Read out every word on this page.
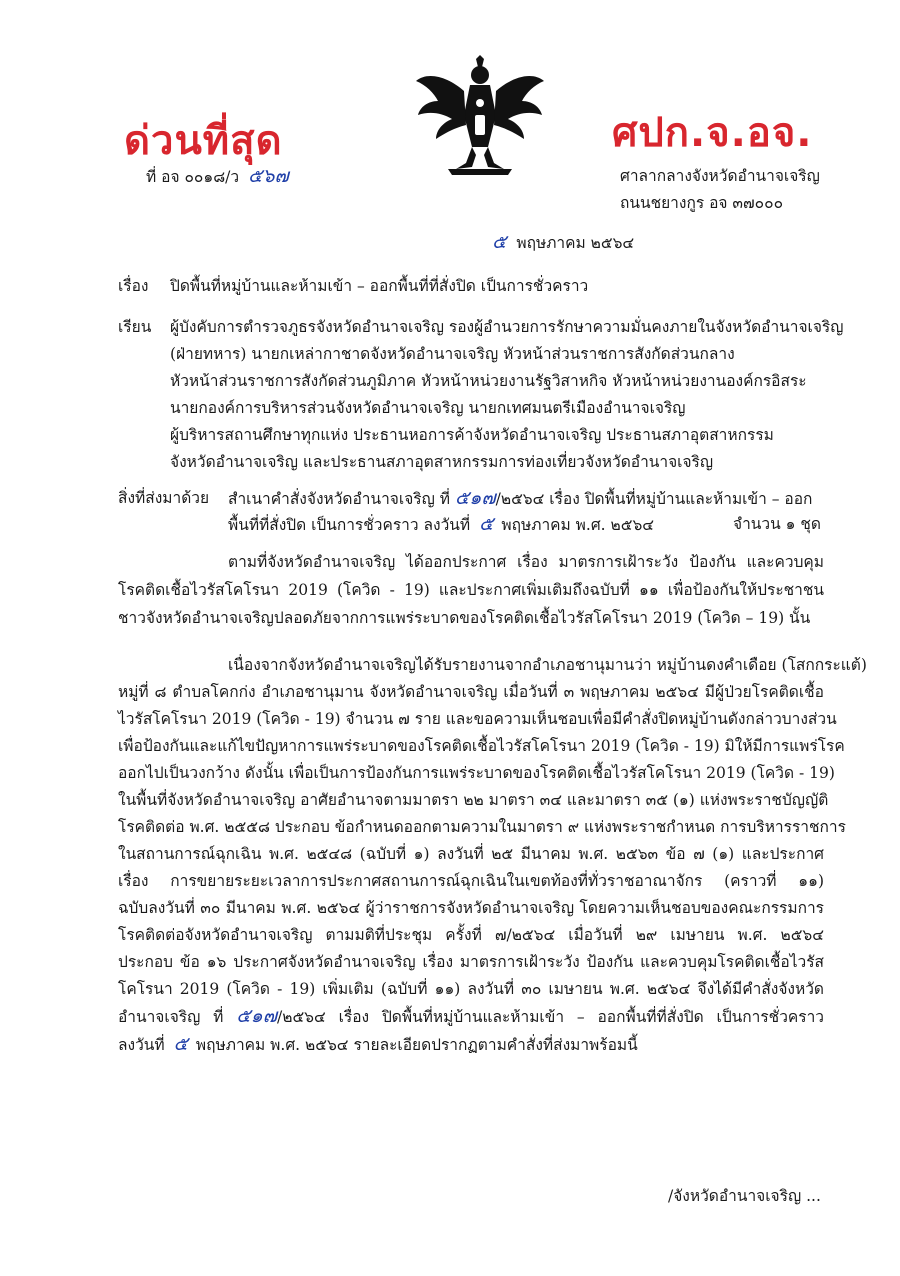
ด่วนที่สุด	ศปก.จ.อจ.
ที่ อจ ๐๐๑๘/ว ๕๖๗	ศาลากลางจังหวัดอำนาจเจริญ
ถนนชยางกูร อจ ๓๗๐๐๐
๕ พฤษภาคม ๒๕๖๔
เรื่อง ปิดพื้นที่หมู่บ้านและห้ามเข้า – ออกพื้นที่ที่สั่งปิด เป็นการชั่วคราว
เรียน ผู้บังคับการตำรวจภูธรจังหวัดอำนาจเจริญ รองผู้อำนวยการรักษาความมั่นคงภายในจังหวัดอำนาจเจริญ
(ฝ่ายทหาร) นายกเหล่ากาชาดจังหวัดอำนาจเจริญ หัวหน้าส่วนราชการสังกัดส่วนกลาง
หัวหน้าส่วนราชการสังกัดส่วนภูมิภาค หัวหน้าหน่วยงานรัฐวิสาหกิจ หัวหน้าหน่วยงานองค์กรอิสระ
นายกองค์การบริหารส่วนจังหวัดอำนาจเจริญ นายกเทศมนตรีเมืองอำนาจเจริญ
ผู้บริหารสถานศึกษาทุกแห่ง ประธานหอการค้าจังหวัดอำนาจเจริญ ประธานสภาอุตสาหกรรม
จังหวัดอำนาจเจริญ และประธานสภาอุตสาหกรรมการท่องเที่ยวจังหวัดอำนาจเจริญ
สิ่งที่ส่งมาด้วย สำเนาคำสั่งจังหวัดอำนาจเจริญ ที่ ๕๑๗/๒๕๖๔ เรื่อง ปิดพื้นที่หมู่บ้านและห้ามเข้า – ออก
พื้นที่ที่สั่งปิด เป็นการชั่วคราว ลงวันที่ ๕ พฤษภาคม พ.ศ. ๒๕๖๔	จำนวน ๑ ชุด
ตามที่จังหวัดอำนาจเจริญ ได้ออกประกาศ เรื่อง มาตรการเฝ้าระวัง ป้องกัน และควบคุม
โรคติดเชื้อไวรัสโคโรนา 2019 (โควิด - 19) และประกาศเพิ่มเติมถึงฉบับที่ ๑๑ เพื่อป้องกันให้ประชาชน
ชาวจังหวัดอำนาจเจริญปลอดภัยจากการแพร่ระบาดของโรคติดเชื้อไวรัสโคโรนา 2019 (โควิด – 19) นั้น
เนื่องจากจังหวัดอำนาจเจริญได้รับรายงานจากอำเภอชานุมานว่า หมู่บ้านดงคำเดือย (โสกกระแต้)
หมู่ที่ ๘ ตำบลโคกก่ง อำเภอชานุมาน จังหวัดอำนาจเจริญ เมื่อวันที่ ๓ พฤษภาคม ๒๕๖๔ มีผู้ป่วยโรคติดเชื้อ
ไวรัสโคโรนา 2019 (โควิด - 19) จำนวน ๗ ราย และขอความเห็นชอบเพื่อมีคำสั่งปิดหมู่บ้านดังกล่าวบางส่วน
เพื่อป้องกันและแก้ไขปัญหาการแพร่ระบาดของโรคติดเชื้อไวรัสโคโรนา 2019 (โควิด - 19) มิให้มีการแพร่โรค
ออกไปเป็นวงกว้าง ดังนั้น เพื่อเป็นการป้องกันการแพร่ระบาดของโรคติดเชื้อไวรัสโคโรนา 2019 (โควิด - 19)
ในพื้นที่จังหวัดอำนาจเจริญ อาศัยอำนาจตามมาตรา ๒๒ มาตรา ๓๔ และมาตรา ๓๕ (๑) แห่งพระราชบัญญัติ
โรคติดต่อ พ.ศ. ๒๕๕๘ ประกอบ ข้อกำหนดออกตามความในมาตรา ๙ แห่งพระราชกำหนด การบริหารราชการ
ในสถานการณ์ฉุกเฉิน พ.ศ. ๒๕๔๘ (ฉบับที่ ๑) ลงวันที่ ๒๕ มีนาคม พ.ศ. ๒๕๖๓ ข้อ ๗ (๑) และประกาศ
เรื่อง การขยายระยะเวลาการประกาศสถานการณ์ฉุกเฉินในเขตท้องที่ทั่วราชอาณาจักร (คราวที่ ๑๑)
ฉบับลงวันที่ ๓๐ มีนาคม พ.ศ. ๒๕๖๔ ผู้ว่าราชการจังหวัดอำนาจเจริญ โดยความเห็นชอบของคณะกรรมการ
โรคติดต่อจังหวัดอำนาจเจริญ ตามมติที่ประชุม ครั้งที่ ๗/๒๕๖๔ เมื่อวันที่ ๒๙ เมษายน พ.ศ. ๒๕๖๔
ประกอบ ข้อ ๑๖ ประกาศจังหวัดอำนาจเจริญ เรื่อง มาตรการเฝ้าระวัง ป้องกัน และควบคุมโรคติดเชื้อไวรัส
โคโรนา 2019 (โควิด - 19) เพิ่มเติม (ฉบับที่ ๑๑) ลงวันที่ ๓๐ เมษายน พ.ศ. ๒๕๖๔ จึงได้มีคำสั่งจังหวัด
อำนาจเจริญ ที่ ๕๑๗/๒๕๖๔ เรื่อง ปิดพื้นที่หมู่บ้านและห้ามเข้า – ออกพื้นที่ที่สั่งปิด เป็นการชั่วคราว
ลงวันที่ ๕ พฤษภาคม พ.ศ. ๒๕๖๔ รายละเอียดปรากฏตามคำสั่งที่ส่งมาพร้อมนี้
/จังหวัดอำนาจเจริญ ...
